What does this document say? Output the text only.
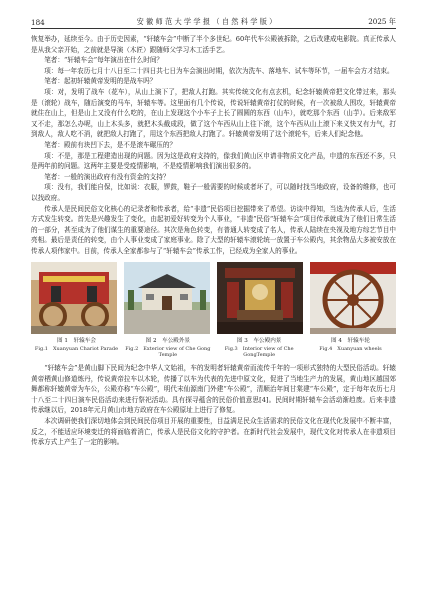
184	安 徽 师 范 大 学 学 报 （ 自 然 科 学 版 ）	2025 年

恢复举办，延续至今。由于历史因素，“轩辕车会”中断了半个多世纪。60年代车公殿被拆除，之后改建成电影院。真正传承人是从我父亲开始，之前就是导演（木匠）跟随师父学习木工活手艺。

笔者：“轩辕车会”每年演出在什么时间？

项：每一年农历七月十八日至二十四日共七日为车会演出时期，依次为洗车、落地车、试车等环节，一届车会方才结束。

笔者：起初轩辕黄帝发明的是战车吗？

项：对，发明了战车（花车），从山上演下了，把敌人打跑。其实传统文化有点玄机，纪念轩辕黄帝把文化带过来，那头是（滚轮）战车，随后演变的马车，轩辕车等。这里面有几个传说，传说轩辕黄帝打仗的时候，有一次被敌人围攻，轩辕黄帝就住在山上，但是山上又没有什么吃的，在山上发现这个小车子上长了圆圆的东西（山车），就吃那个东西（山芋）。后来敌军又不走，那怎么办呢，山上木头多，就把木头截成段，做了这个车西从山上往下滚，这个车西从山上滚下来义快又有力气，打到敌人，敌人吃不消，就把敌人打跑了，用这个东西把敌人打跑了。轩辕黄帝发明了这个滚轮车，后来人们纪念他。

笔者：殿前有块凹下去，是不是滚车碾压的？

项：不是，那是工程建造出现的问题。因为这是政府支持的，像我们黄山区申请非物质文化产品，申遗的东西还不多，只是两年前的问题。这两年主要是受疫情影响，不是疫情影响我们演出很多的。

笔者：一般的演出政府有没有资金的支持？

项：没有，我们能自保，比如说：衣服，锣鼓，鞋子一般需要的时候或者坏了，可以随时找当地政府，设备的维修，也可以找政府。

传承人是民间民俗文化核心的记录者和传承者，给“非遗”民俗项目挖掘带来了希望。访谈中得知，当选为传承人后，生活方式发生转变。首先是兴趣发生了变化，由起初爱好转变为个人事业，“非遗”民俗“轩辕车会”项目传承就成为了他们日常生活的一部分，甚至成为了他们谋生的重要途径。其次是角色转变，有普通人转变成了名人，传承人陆续在央视及地方综艺节目中亮相。最后是责任的转变，由个人事业变成了家庭事业。除了大型的轩辕车滚轮统一放置于车公殿内，其余物品大多被安放在传承人项伟家中。目前，传承人全家都参与了“轩辕车会”传承工作，已经成为全家人的事业。

图 1　轩辕车会
Fig.1　Xuanyuan Chariot Parade
图 2　车公殿外景
Fig.2　Exterior view of Che Gong Temple
图 3　车公殿内景
Fig.3　Interior view of Che GongTemple
图 4　轩辕车轮
Fig.4　Xuanyuan wheels

“轩辕车会”是黄山脚下民间为纪念中华人文始祖，车的发明者轩辕黄帝而流传千年的一项形式独特的大型民俗活动。轩辕黄帝栖黄山修道炼丹，传说黄帝拉车以木轮，传播了以车为代表的先进中原文化，促进了当地生产力的发展，黄山地区越国郊舞都称轩辕黄帝为车公，公殿亦称“车公殿”，明代末仙源南门外建“车公殿”，清顺治年间甘棠建“车公殿”，定于每年农历七月十八至二十四日演车民俗活动来进行祭祀活动。具有探寻蕴含的民俗价值意思[4]。民间时期轩辕车会活动渐趋废。后来非遗传承继以后，2018年元月黄山市地方政府在车公殿原址上进行了修复。

本次调研使我们深切地体会到民间民俗项目开展的重要性，目益满足民众生活需求的民俗文化在现代化发展中不断丰富，反之，不能适应环境变迁的将面临着消亡，传承人是民俗文化的守护者。在新时代社会发展中，现代文化对传承人在非遗项目传承方式上产生了一定的影响。
